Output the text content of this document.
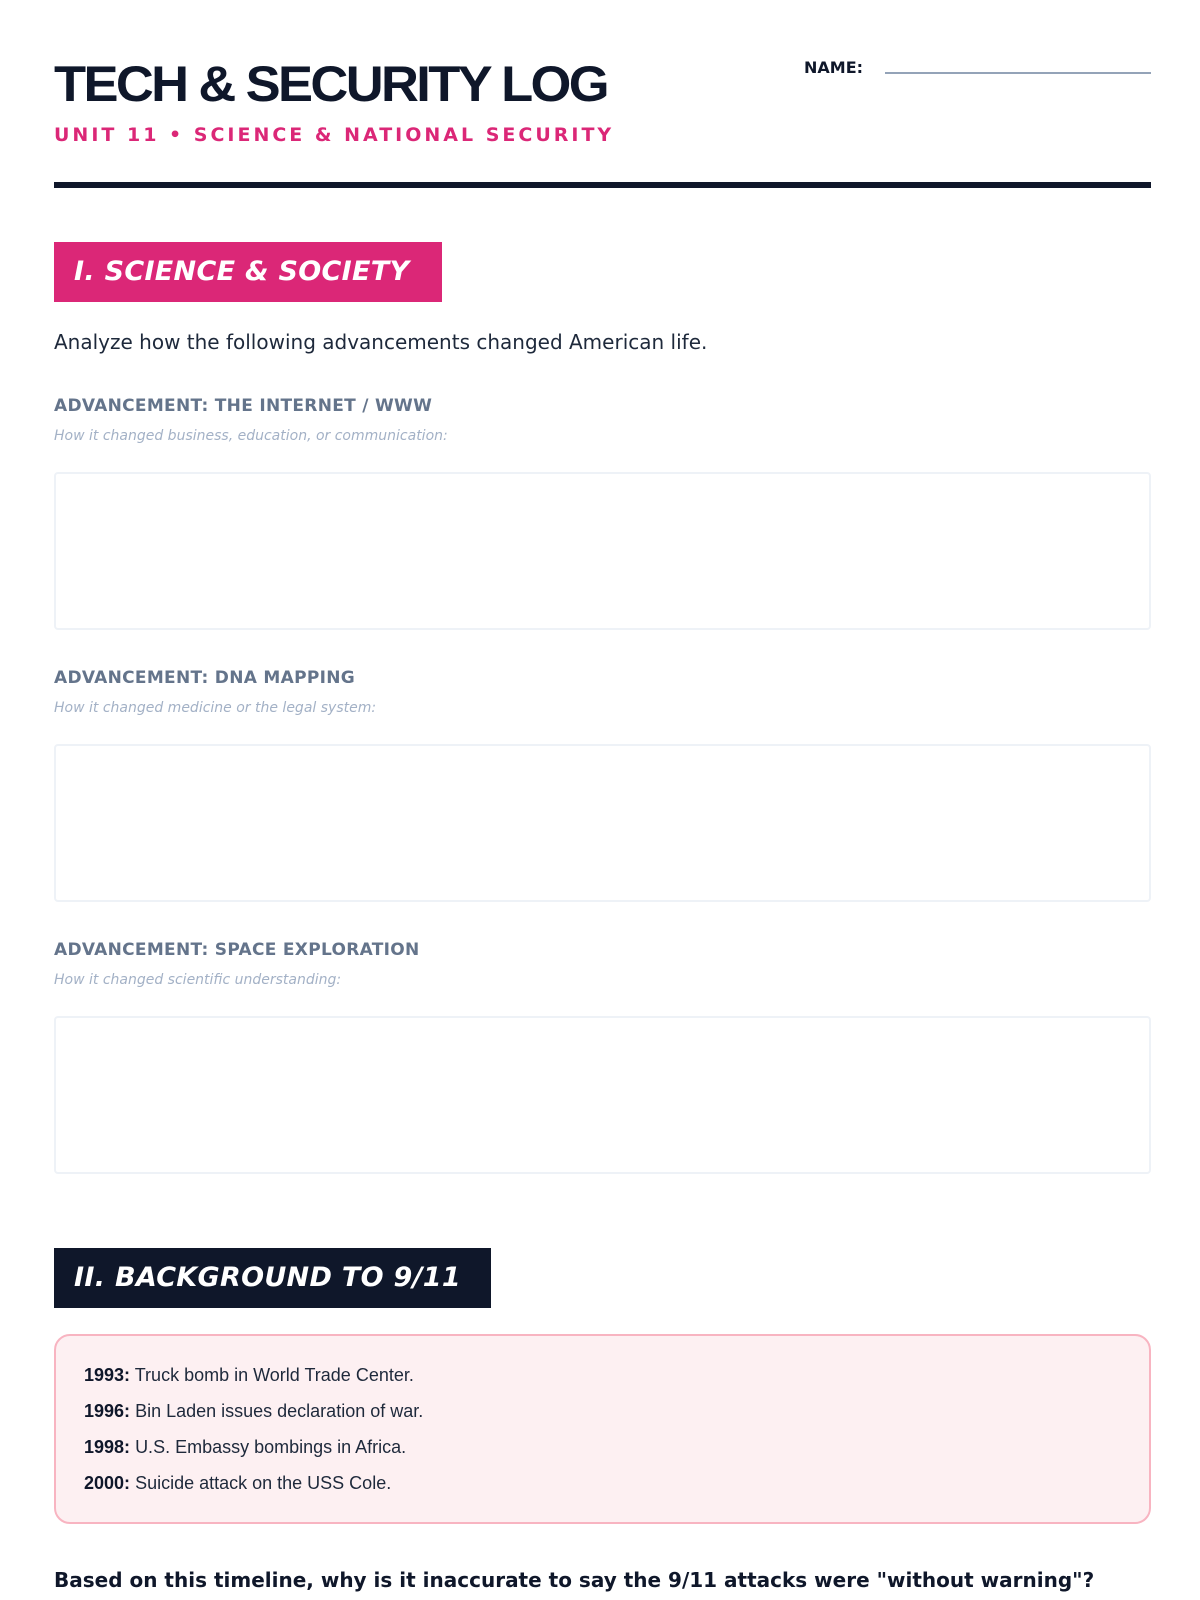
TECH & SECURITY LOG
UNIT 11 • SCIENCE & NATIONAL SECURITY
NAME:
I. SCIENCE & SOCIETY
Analyze how the following advancements changed American life.
ADVANCEMENT: THE INTERNET / WWW
How it changed business, education, or communication:
ADVANCEMENT: DNA MAPPING
How it changed medicine or the legal system:
ADVANCEMENT: SPACE EXPLORATION
How it changed scientific understanding:
II. BACKGROUND TO 9/11
1993: Truck bomb in World Trade Center.
1996: Bin Laden issues declaration of war.
1998: U.S. Embassy bombings in Africa.
2000: Suicide attack on the USS Cole.
Based on this timeline, why is it inaccurate to say the 9/11 attacks were "without warning"?
